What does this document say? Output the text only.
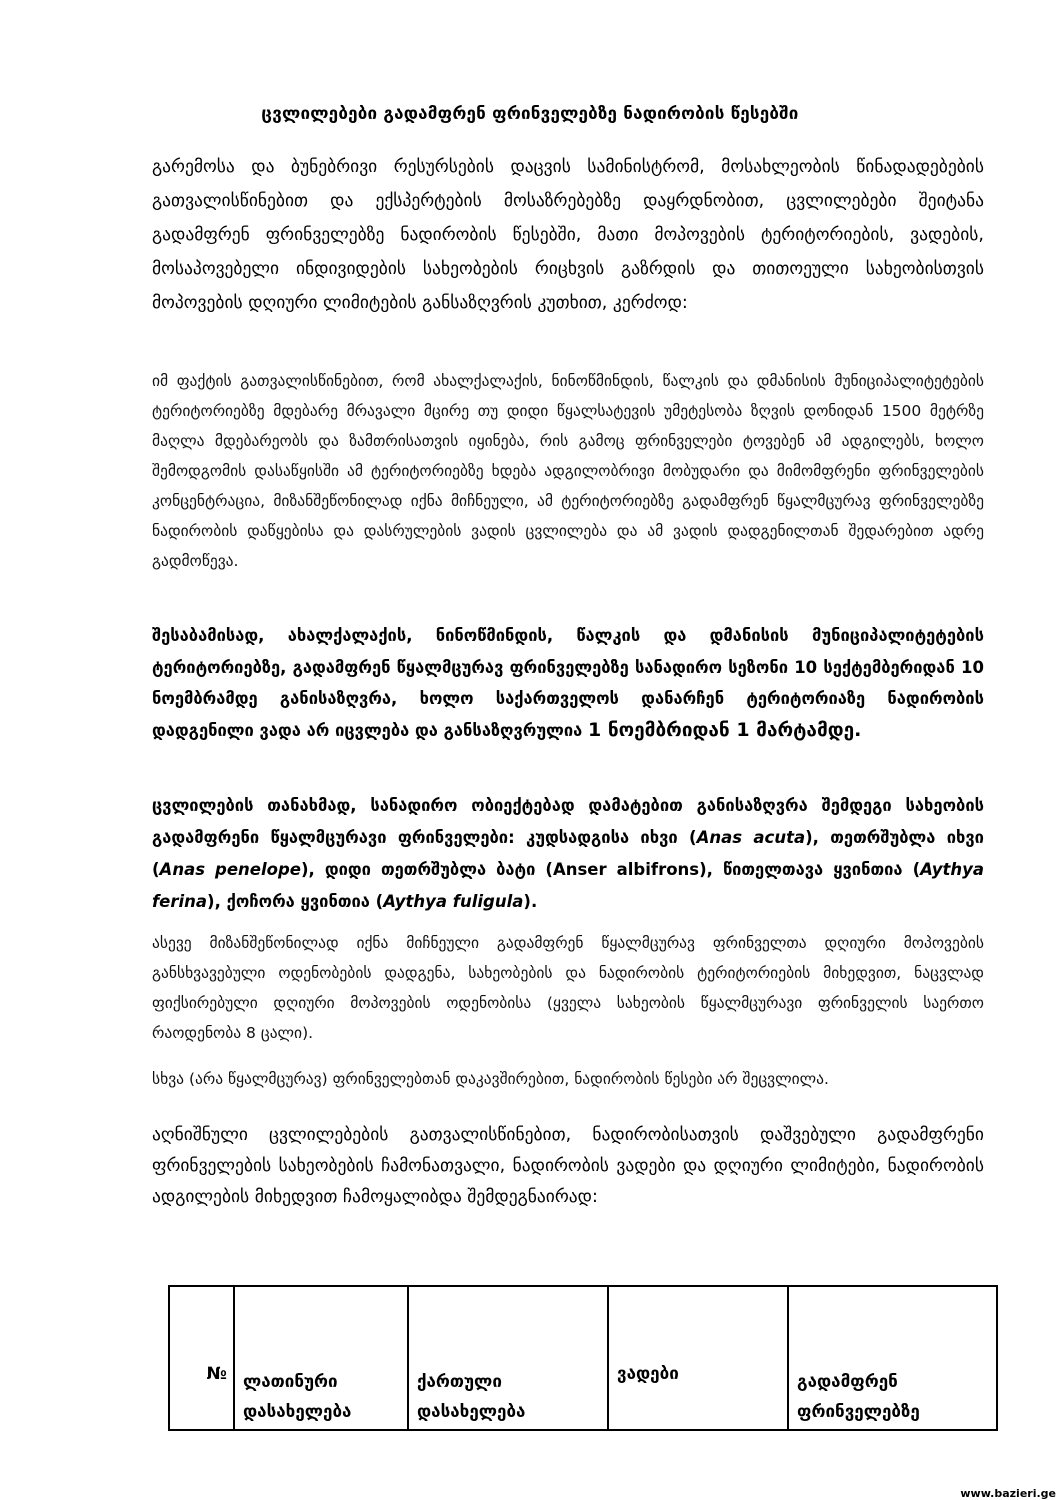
ცვლილებები გადამფრენ ფრინველებზე ნადირობის წესებში
გარემოსა და ბუნებრივი რესურსების დაცვის სამინისტრომ, მოსახლეობის წინადადებების გათვალისწინებით და ექსპერტების მოსაზრებებზე დაყრდნობით, ცვლილებები შეიტანა გადამფრენ ფრინველებზე ნადირობის წესებში, მათი მოპოვების ტერიტორიების, ვადების, მოსაპოვებელი ინდივიდების სახეობების რიცხვის გაზრდის და თითოეული სახეობისთვის მოპოვების დღიური ლიმიტების განსაზღვრის კუთხით, კერძოდ:
იმ ფაქტის გათვალისწინებით, რომ ახალქალაქის, ნინოწმინდის, წალკის და დმანისის მუნიციპალიტეტების ტერიტორიებზე მდებარე მრავალი მცირე თუ დიდი წყალსატევის უმეტესობა ზღვის დონიდან 1500 მეტრზე მაღლა მდებარეობს და ზამთრისათვის იყინება, რის გამოც ფრინველები ტოვებენ ამ ადგილებს, ხოლო შემოდგომის დასაწყისში ამ ტერიტორიებზე ხდება ადგილობრივი მობუდარი და მიმომფრენი ფრინველების კონცენტრაცია, მიზანშეწონილად იქნა მიჩნეული, ამ ტერიტორიებზე გადამფრენ წყალმცურავ ფრინველებზე ნადირობის დაწყებისა და დასრულების ვადის ცვლილება და ამ ვადის დადგენილთან შედარებით ადრე გადმოწევა.
შესაბამისად, ახალქალაქის, ნინოწმინდის, წალკის და დმანისის მუნიციპალიტეტების ტერიტორიებზე, გადამფრენ წყალმცურავ ფრინველებზე სანადირო სეზონი 10 სექტემბერიდან 10 ნოემბრამდე განისაზღვრა, ხოლო საქართველოს დანარჩენ ტერიტორიაზე ნადირობის დადგენილი ვადა არ იცვლება და განსაზღვრულია 1 ნოემბრიდან 1 მარტამდე.
ცვლილების თანახმად, სანადირო ობიექტებად დამატებით განისაზღვრა შემდეგი სახეობის გადამფრენი წყალმცურავი ფრინველები: კუდსადგისა იხვი (Anas acuta), თეთრშუბლა იხვი (Anas penelope), დიდი თეთრშუბლა ბატი (Anser albifrons), წითელთავა ყვინთია (Aythya ferina), ქოჩორა ყვინთია (Aythya fuligula).
ასევე მიზანშეწონილად იქნა მიჩნეული გადამფრენ წყალმცურავ ფრინველთა დღიური მოპოვების განსხვავებული ოდენობების დადგენა, სახეობების და ნადირობის ტერიტორიების მიხედვით, ნაცვლად ფიქსირებული დღიური მოპოვების ოდენობისა (ყველა სახეობის წყალმცურავი ფრინველის საერთო რაოდენობა 8 ცალი).
სხვა (არა წყალმცურავ) ფრინველებთან დაკავშირებით, ნადირობის წესები არ შეცვლილა.
აღნიშნული ცვლილებების გათვალისწინებით, ნადირობისათვის დაშვებული გადამფრენი ფრინველების სახეობების ჩამონათვალი, ნადირობის ვადები და დღიური ლიმიტები, ნადირობის ადგილების მიხედვით ჩამოყალიბდა შემდეგნაირად:
№	ლათინური დასახელება	ქართული დასახელება	ვადები	გადამფრენ ფრინველებზე
www.bazieri.ge
